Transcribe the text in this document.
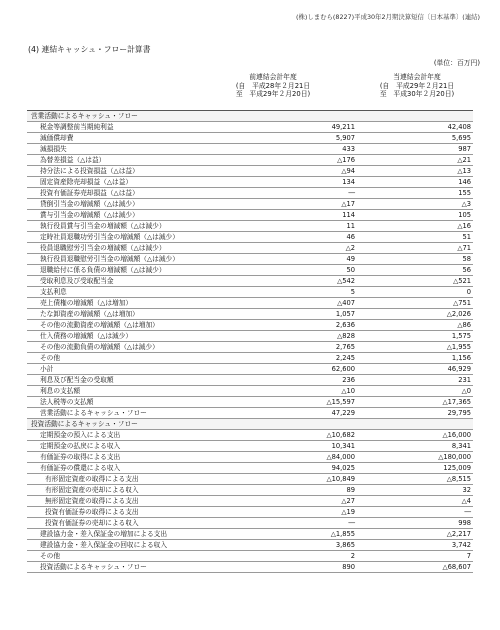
(株)しまむら(8227)平成30年2月期決算短信〔日本基準〕(連結)
(4) 連結キャッシュ・フロー計算書
(単位：百万円)
前連結会計年度
(自　平成28年２月21日
至　平成29年２月20日)
当連結会計年度
(自　平成29年２月21日
至　平成30年２月20日)
営業活動によるキャッシュ・フロー		
税金等調整前当期純利益	49,211	42,408
減価償却費	5,907	5,695
減損損失	433	987
為替差損益（△は益）	△176	△21
持分法による投資損益（△は益）	△94	△13
固定資産除売却損益（△は益）	134	146
投資有価証券売却損益（△は益）	―	155
貸倒引当金の増減額（△は減少）	△17	△3
賞与引当金の増減額（△は減少）	114	105
執行役員賞与引当金の増減額（△は減少）	11	△16
定時社員退職功労引当金の増減額（△は減少）	46	51
役員退職慰労引当金の増減額（△は減少）	△2	△71
執行役員退職慰労引当金の増減額（△は減少）	49	58
退職給付に係る負債の増減額（△は減少）	50	56
受取利息及び受取配当金	△542	△521
支払利息	5	0
売上債権の増減額（△は増加）	△407	△751
たな卸資産の増減額（△は増加）	1,057	△2,026
その他の流動資産の増減額（△は増加）	2,636	△86
仕入債務の増減額（△は減少）	△828	1,575
その他の流動負債の増減額（△は減少）	2,765	△1,955
その他	2,245	1,156
小計	62,600	46,929
利息及び配当金の受取額	236	231
利息の支払額	△10	△0
法人税等の支払額	△15,597	△17,365
営業活動によるキャッシュ・フロー	47,229	29,795
投資活動によるキャッシュ・フロー		
定期預金の預入による支出	△10,682	△16,000
定期預金の払戻による収入	10,341	8,341
有価証券の取得による支出	△84,000	△180,000
有価証券の償還による収入	94,025	125,009
有形固定資産の取得による支出	△10,849	△8,515
有形固定資産の売却による収入	89	32
無形固定資産の取得による支出	△27	△4
投資有価証券の取得による支出	△19	―
投資有価証券の売却による収入	―	998
建設協力金・差入保証金の増加による支出	△1,855	△2,217
建設協力金・差入保証金の回収による収入	3,865	3,742
その他	2	7
投資活動によるキャッシュ・フロー	890	△68,607
